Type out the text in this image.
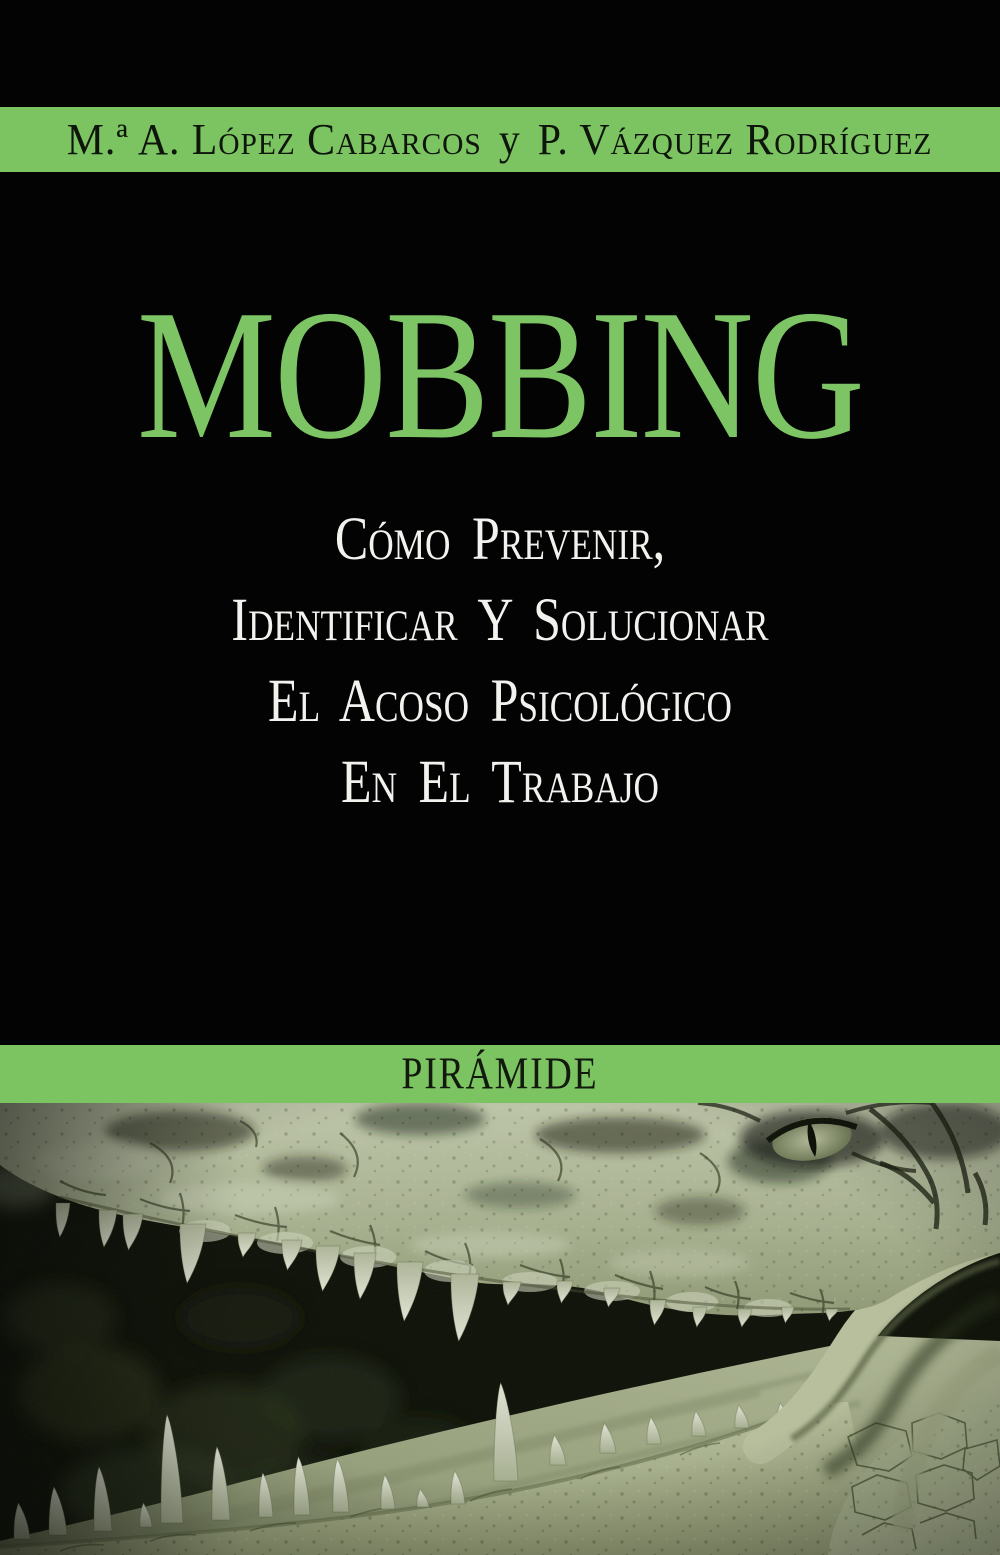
M.ª A. López Cabarcos y P. Vázquez Rodríguez
MOBBING
Cómo Prevenir,
Identificar Y Solucionar
El Acoso Psicológico
En El Trabajo
PIRÁMIDE
